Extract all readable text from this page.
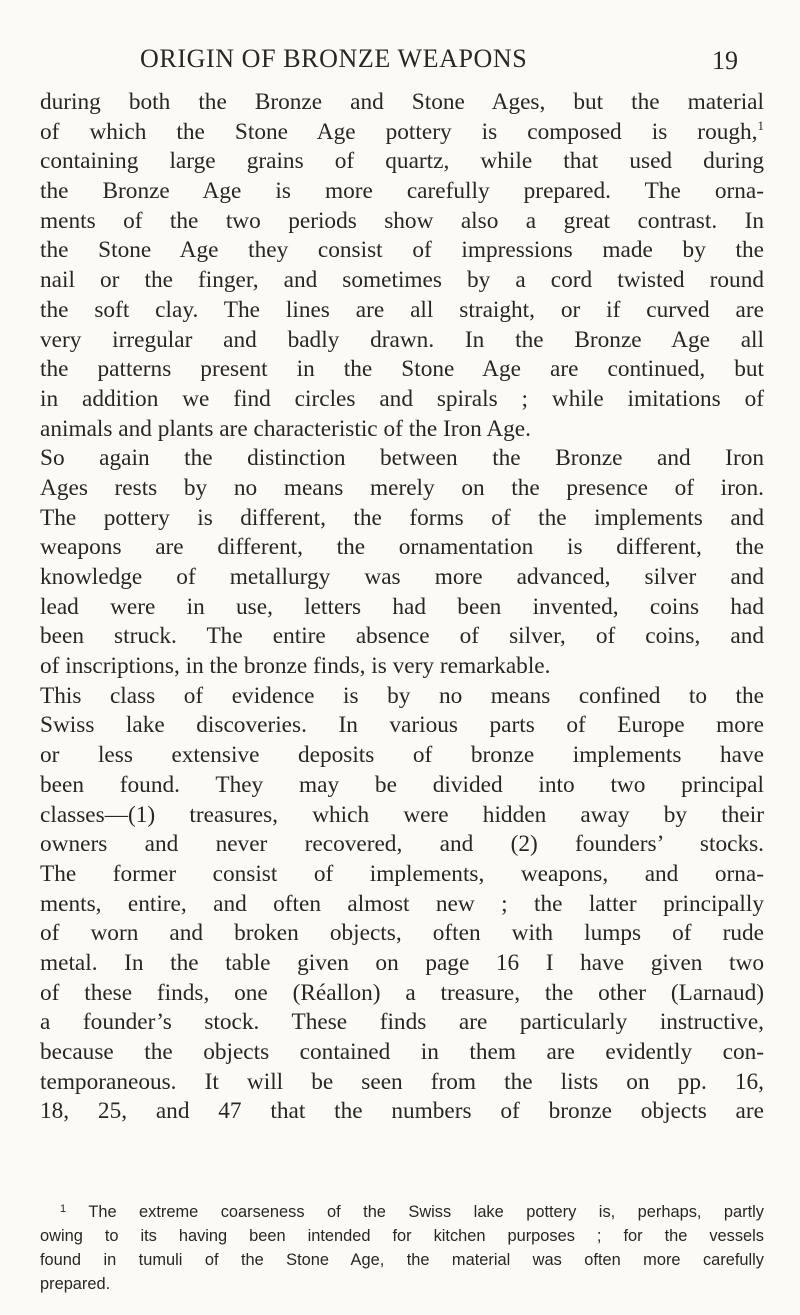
ORIGIN OF BRONZE WEAPONS	19
during both the Bronze and Stone Ages, but the material
of which the Stone Age pottery is composed is rough,$^1$
containing large grains of quartz, while that used during
the Bronze Age is more carefully prepared. The orna-
ments of the two periods show also a great contrast. In
the Stone Age they consist of impressions made by the
nail or the finger, and sometimes by a cord twisted round
the soft clay. The lines are all straight, or if curved are
very irregular and badly drawn. In the Bronze Age all
the patterns present in the Stone Age are continued, but
in addition we find circles and spirals ; while imitations of
animals and plants are characteristic of the Iron Age.
So again the distinction between the Bronze and Iron
Ages rests by no means merely on the presence of iron.
The pottery is different, the forms of the implements and
weapons are different, the ornamentation is different, the
knowledge of metallurgy was more advanced, silver and
lead were in use, letters had been invented, coins had
been struck. The entire absence of silver, of coins, and
of inscriptions, in the bronze finds, is very remarkable.
This class of evidence is by no means confined to the
Swiss lake discoveries. In various parts of Europe more
or less extensive deposits of bronze implements have
been found. They may be divided into two principal
classes—(1) treasures, which were hidden away by their
owners and never recovered, and (2) founders’ stocks.
The former consist of implements, weapons, and orna-
ments, entire, and often almost new ; the latter principally
of worn and broken objects, often with lumps of rude
metal. In the table given on page 16 I have given two
of these finds, one (Réallon) a treasure, the other (Larnaud)
a founder’s stock. These finds are particularly instructive,
because the objects contained in them are evidently con-
temporaneous. It will be seen from the lists on pp. 16,
18, 25, and 47 that the numbers of bronze objects are
$^1$ The extreme coarseness of the Swiss lake pottery is, perhaps, partly
owing to its having been intended for kitchen purposes ; for the vessels
found in tumuli of the Stone Age, the material was often more carefully
prepared.
